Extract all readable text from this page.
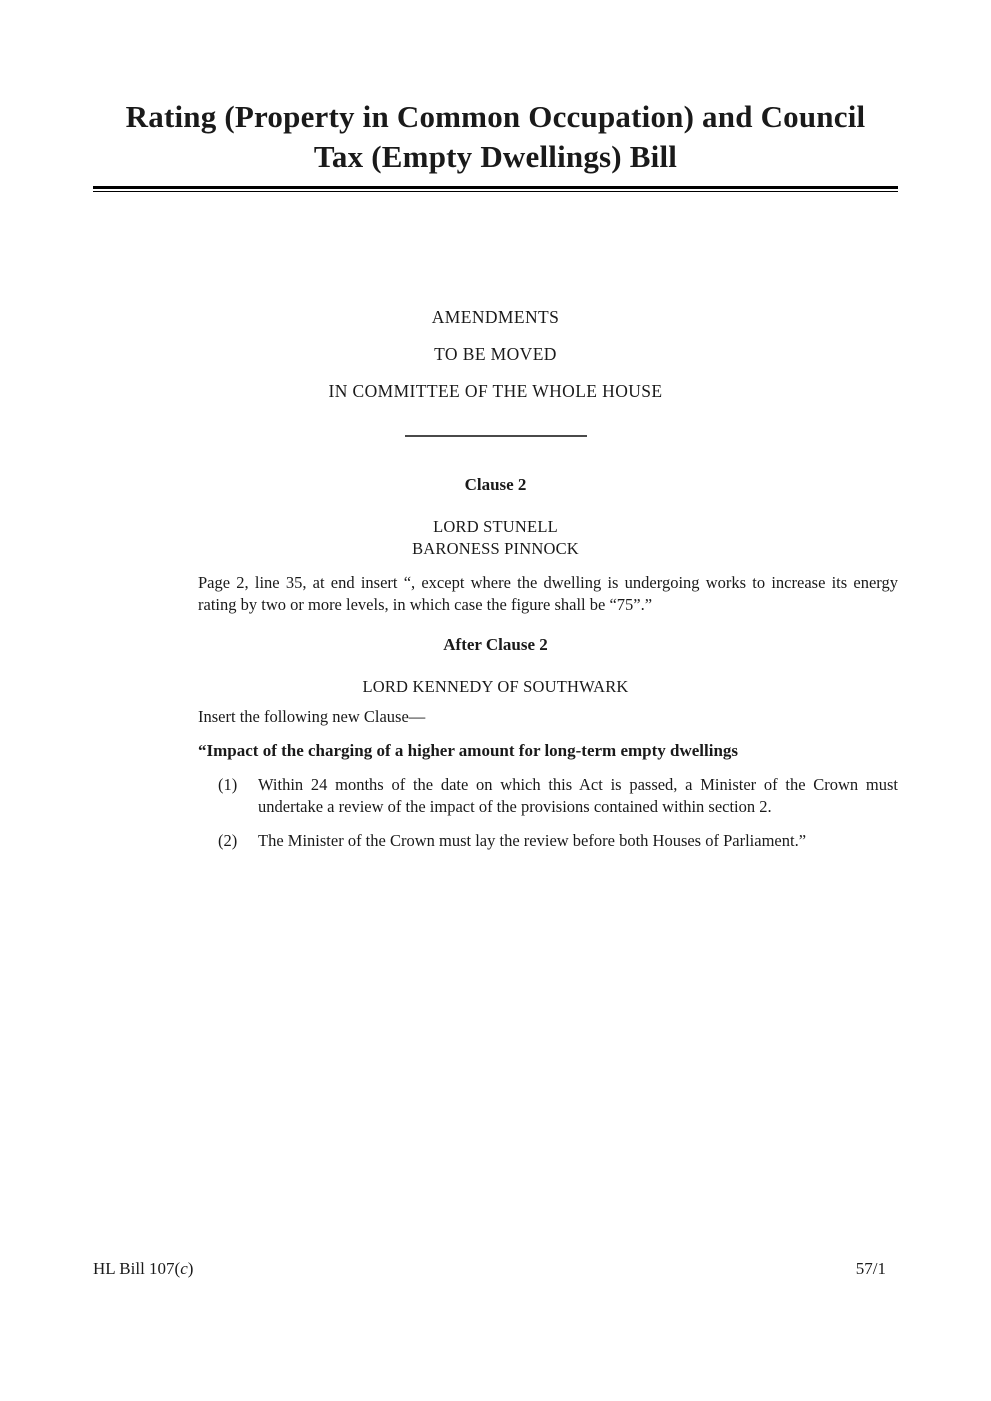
Rating (Property in Common Occupation) and Council
Tax (Empty Dwellings) Bill
AMENDMENTS
TO BE MOVED
IN COMMITTEE OF THE WHOLE HOUSE
Clause 2
LORD STUNELL
BARONESS PINNOCK

Page 2, line 35, at end insert “, except where the dwelling is undergoing works to increase its energy rating by two or more levels, in which case the figure shall be “75”.”

After Clause 2
LORD KENNEDY OF SOUTHWARK

Insert the following new Clause—

“Impact of the charging of a higher amount for long-term empty dwellings

(1)	Within 24 months of the date on which this Act is passed, a Minister of the Crown must undertake a review of the impact of the provisions contained within section 2.
(2)	The Minister of the Crown must lay the review before both Houses of Parliament.”
HL Bill 107(c)	57/1
